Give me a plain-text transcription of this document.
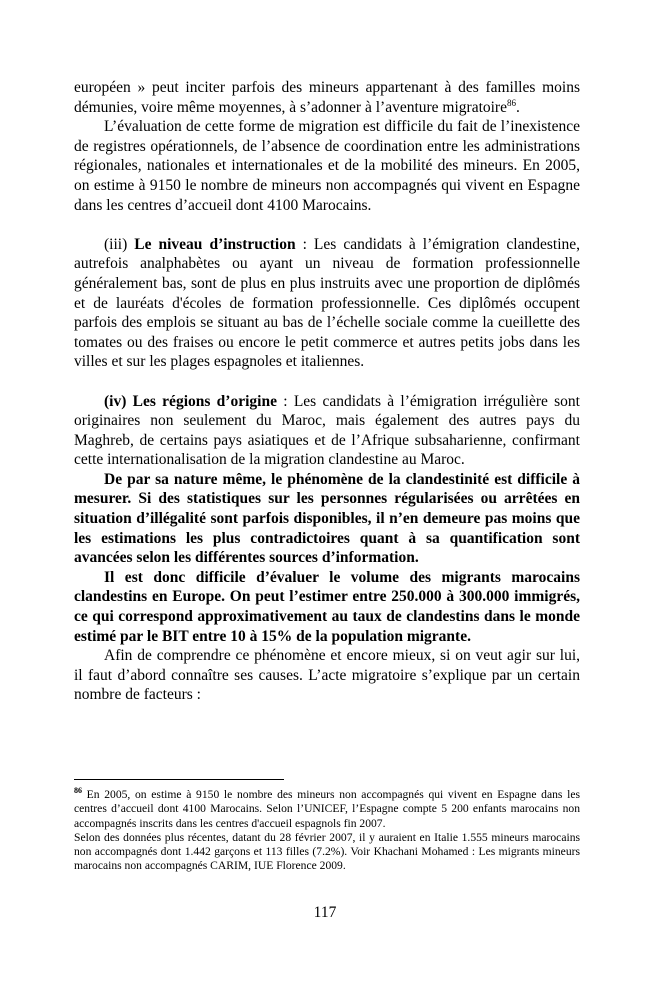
européen » peut inciter parfois des mineurs appartenant à des familles moins démunies, voire même moyennes, à s’adonner à l’aventure migratoire$^{86}$.

L’évaluation de cette forme de migration est difficile du fait de l’inexistence de registres opérationnels, de l’absence de coordination entre les administrations régionales, nationales et internationales et de la mobilité des mineurs. En 2005, on estime à 9150 le nombre de mineurs non accompagnés qui vivent en Espagne dans les centres d’accueil dont 4100 Marocains.

(iii) Le niveau d’instruction : Les candidats à l’émigration clandestine, autrefois analphabètes ou ayant un niveau de formation professionnelle généralement bas, sont de plus en plus instruits avec une proportion de diplômés et de lauréats d'écoles de formation professionnelle. Ces diplômés occupent parfois des emplois se situant au bas de l’échelle sociale comme la cueillette des tomates ou des fraises ou encore le petit commerce et autres petits jobs dans les villes et sur les plages espagnoles et italiennes.

(iv) Les régions d’origine : Les candidats à l’émigration irrégulière sont originaires non seulement du Maroc, mais également des autres pays du Maghreb, de certains pays asiatiques et de l’Afrique subsaharienne, confirmant cette internationalisation de la migration clandestine au Maroc.

De par sa nature même, le phénomène de la clandestinité est difficile à mesurer. Si des statistiques sur les personnes régularisées ou arrêtées en situation d’illégalité sont parfois disponibles, il n’en demeure pas moins que les estimations les plus contradictoires quant à sa quantification sont avancées selon les différentes sources d’information.

Il est donc difficile d’évaluer le volume des migrants marocains clandestins en Europe. On peut l’estimer entre 250.000 à 300.000 immigrés, ce qui correspond approximativement au taux de clandestins dans le monde estimé par le BIT entre 10 à 15% de la population migrante.

Afin de comprendre ce phénomène et encore mieux, si on veut agir sur lui, il faut d’abord connaître ses causes. L’acte migratoire s’explique par un certain nombre de facteurs :

$^{86}$ En 2005, on estime à 9150 le nombre des mineurs non accompagnés qui vivent en Espagne dans les centres d’accueil dont 4100 Marocains. Selon l’UNICEF, l’Espagne compte 5 200 enfants marocains non accompagnés inscrits dans les centres d'accueil espagnols fin 2007.

Selon des données plus récentes, datant du 28 février 2007, il y auraient en Italie 1.555 mineurs marocains non accompagnés dont 1.442 garçons et 113 filles (7.2%). Voir Khachani Mohamed : Les migrants mineurs marocains non accompagnés CARIM, IUE Florence 2009.

117
